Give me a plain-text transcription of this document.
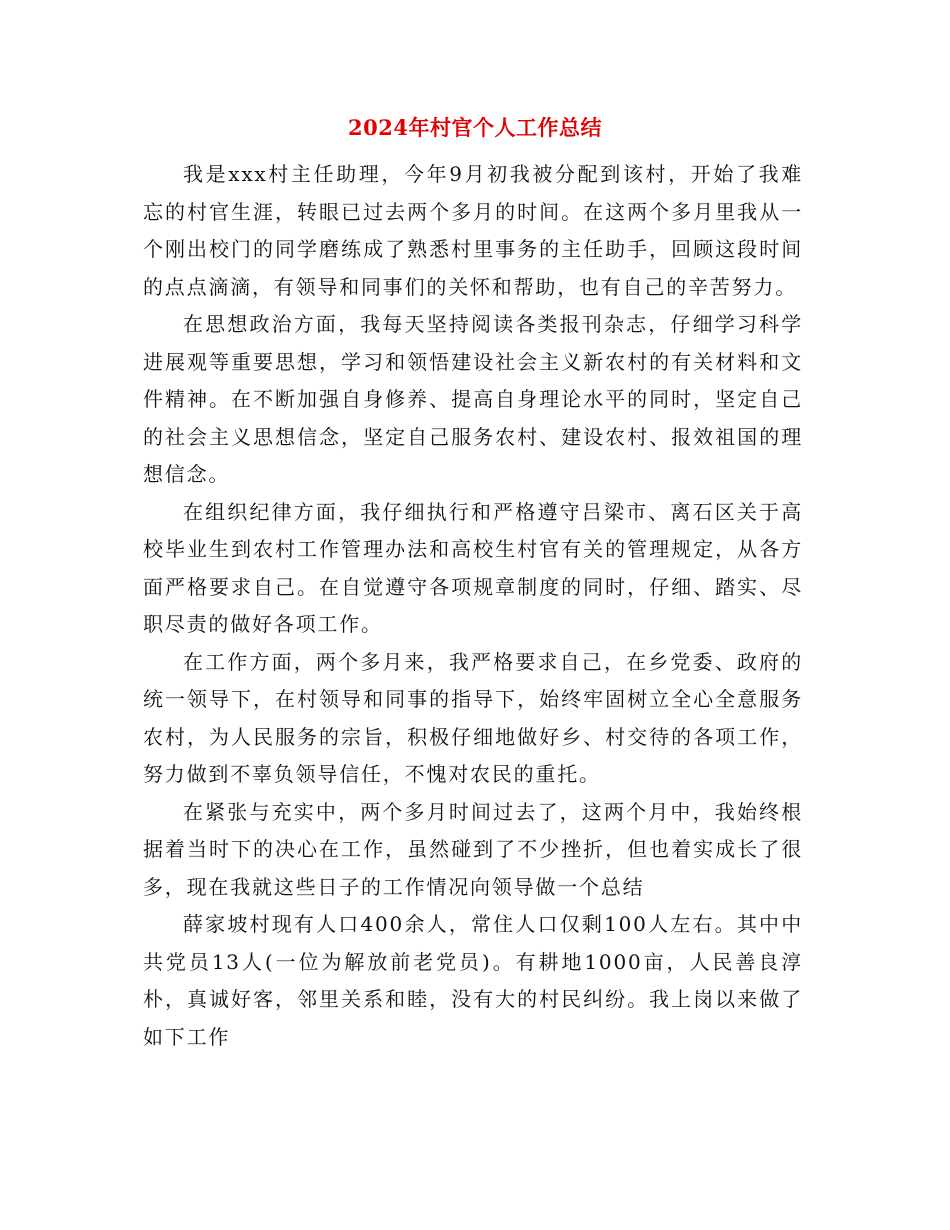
2024年村官个人工作总结

我是xxx村主任助理，今年9月初我被分配到该村，开始了我难忘的村官生涯，转眼已过去两个多月的时间。在这两个多月里我从一个刚出校门的同学磨练成了熟悉村里事务的主任助手，回顾这段时间的点点滴滴，有领导和同事们的关怀和帮助，也有自己的辛苦努力。

在思想政治方面，我每天坚持阅读各类报刊杂志，仔细学习科学进展观等重要思想，学习和领悟建设社会主义新农村的有关材料和文件精神。在不断加强自身修养、提高自身理论水平的同时，坚定自己的社会主义思想信念，坚定自己服务农村、建设农村、报效祖国的理想信念。

在组织纪律方面，我仔细执行和严格遵守吕梁市、离石区关于高校毕业生到农村工作管理办法和高校生村官有关的管理规定，从各方面严格要求自己。在自觉遵守各项规章制度的同时，仔细、踏实、尽职尽责的做好各项工作。

在工作方面，两个多月来，我严格要求自己，在乡党委、政府的统一领导下，在村领导和同事的指导下，始终牢固树立全心全意服务农村，为人民服务的宗旨，积极仔细地做好乡、村交待的各项工作，努力做到不辜负领导信任，不愧对农民的重托。

在紧张与充实中，两个多月时间过去了，这两个月中，我始终根据着当时下的决心在工作，虽然碰到了不少挫折，但也着实成长了很多，现在我就这些日子的工作情况向领导做一个总结

薛家坡村现有人口400余人，常住人口仅剩100人左右。其中中共党员13人(一位为解放前老党员)。有耕地1000亩，人民善良淳朴，真诚好客，邻里关系和睦，没有大的村民纠纷。我上岗以来做了如下工作
